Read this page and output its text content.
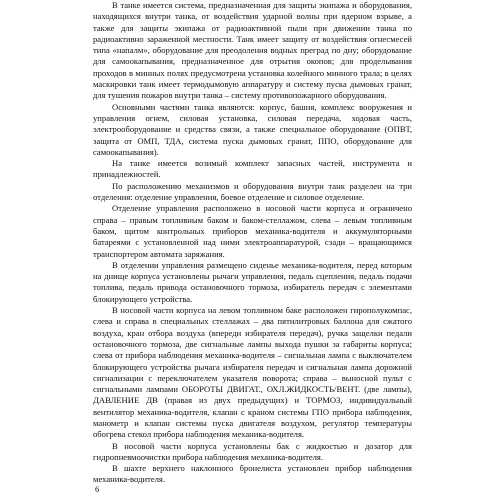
В танке имеется система, предназначенная для защиты экипажа и оборудования, находящихся внутри танка, от воздействия ударной волны при ядерном взрыве, а также для защиты экипажа от радиоактивной пыли при движении танка по радиоактивно зараженной местности. Танк имеет защиту от воздействия огнесмесей типа «напалм», оборудование для преодоления водных преград по дну; оборудование для самоокапывания, предназначенное для отрытия окопов; для проделывания проходов в минных полях предусмотрена установка колейного минного трала; в целях маскировки танк имеет термодымовую аппаратуру и систему пуска дымовых гранат, для тушения пожаров внутри танка – систему противопожарного оборудования.

Основными частями танка являются: корпус, башня, комплекс вооружения и управления огнем, силовая установка, силовая передача, ходовая часть, электрооборудование и средства связи, а также специальное оборудование (ОПВТ, защита от ОМП, ТДА, система пуска дымовых гранат, ППО, оборудование для самоокапывания).

На танке имеется возимый комплект запасных частей, инструмента и принадлежностей.

По расположению механизмов и оборудования внутри танк разделен на три отделения: отделение управления, боевое отделение и силовое отделение.

Отделение управления расположено в носовой части корпуса и ограничено справа – правым топливным баком и баком-стеллажом, слева – левым топливным баком, щитом контрольных приборов механика-водителя и аккумуляторными батареями с установленной над ними электроаппаратурой, сзади – вращающимся транспортером автомата заряжания.

В отделении управления размещено сиденье механика-водителя, перед которым на днище корпуса установлены рычаги управления, педаль сцепления, педаль подачи топлива, педаль привода остановочного тормоза, избиратель передач с элементами блокирующего устройства.

В носовой части корпуса на левом топливном баке расположен гирополукомпас, слева и справа в специальных стеллажах – два пятилитровых баллона для сжатого воздуха, кран отбора воздуха (впереди избирателя передач), ручка защелки педали остановочного тормоза, две сигнальные лампы выхода пушки за габариты корпуса; слева от прибора наблюдения механика-водителя – сигнальная лампа с выключателем блокирующего устройства рычага избирателя передач и сигнальная лампа дорожной сигнализации с переключателем указателя поворота; справа – выносной пульт с сигнальными лампами ОБОРОТЫ ДВИГАТ., ОХЛ.ЖИДКОСТЬ/ВЕНТ. (две лампы), ДАВЛЕНИЕ ДВ (правая из двух предыдущих) и ТОРМОЗ, индивидуальный вентилятор механика-водителя, клапан с краном системы ГПО прибора наблюдения, манометр и клапан системы пуска двигателя воздухом, регулятор температуры обогрева стекол прибора наблюдения механика-водителя.

В носовой части корпуса установлены бак с жидкостью и дозатор для гидропневмоочистки прибора наблюдения механика-водителя.

В шахте верхнего наклонного бронелиста установлен прибор наблюдения механика-водителя.

6
